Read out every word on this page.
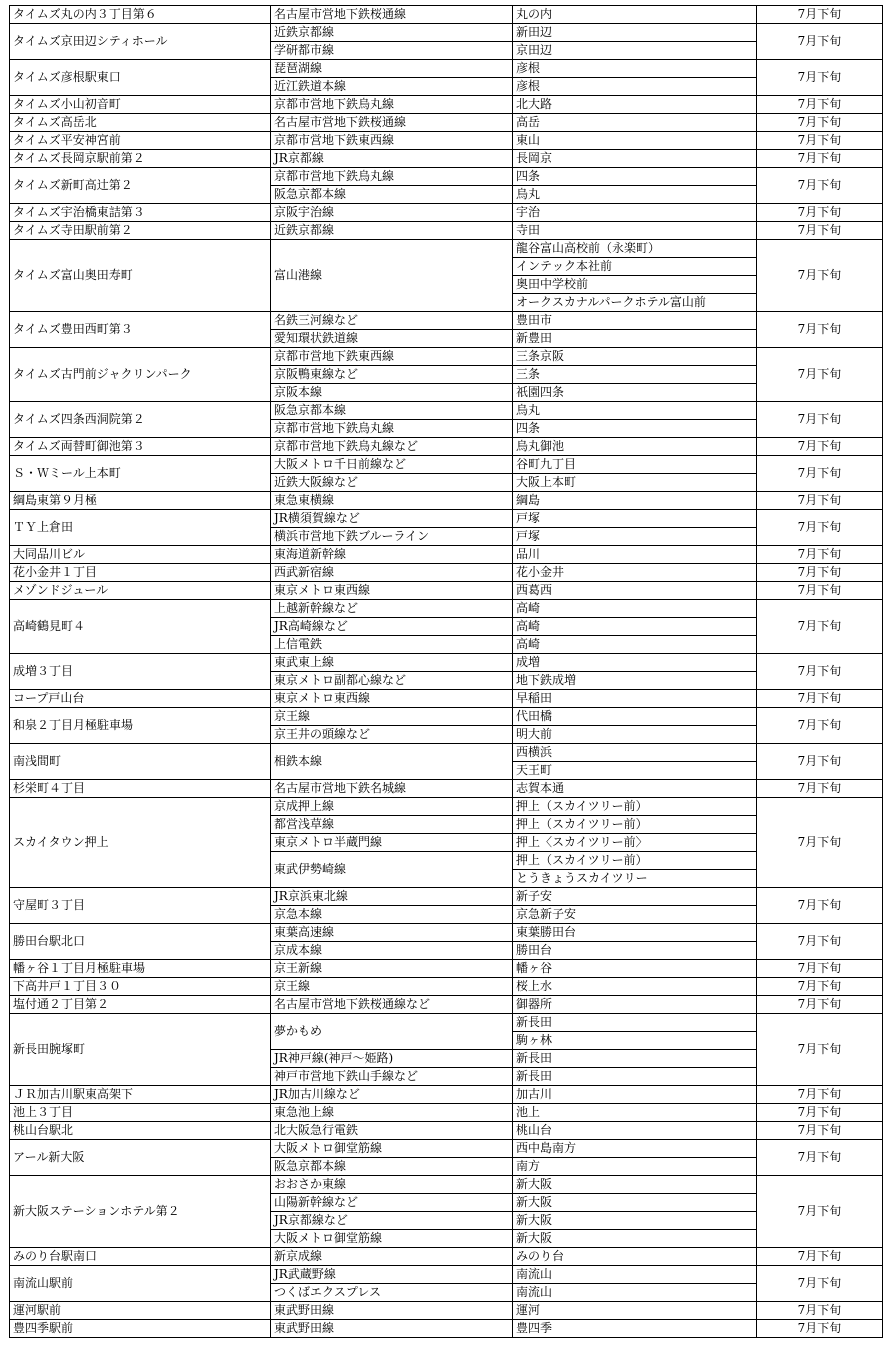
タイムズ丸の内３丁目第６	名古屋市営地下鉄桜通線	丸の内	7月下旬
タイムズ京田辺シティホール	近鉄京都線	新田辺	7月下旬
	学研都市線	京田辺	
タイムズ彦根駅東口	琵琶湖線	彦根	7月下旬
	近江鉄道本線	彦根	
タイムズ小山初音町	京都市営地下鉄烏丸線	北大路	7月下旬
タイムズ高岳北	名古屋市営地下鉄桜通線	高岳	7月下旬
タイムズ平安神宮前	京都市営地下鉄東西線	東山	7月下旬
タイムズ長岡京駅前第２	JR京都線	長岡京	7月下旬
タイムズ新町高辻第２	京都市営地下鉄烏丸線	四条	7月下旬
	阪急京都本線	烏丸	
タイムズ宇治橋東詰第３	京阪宇治線	宇治	7月下旬
タイムズ寺田駅前第２	近鉄京都線	寺田	7月下旬
タイムズ富山奥田寿町	富山港線	龍谷富山高校前（永楽町）	7月下旬
		インテック本社前	
		奥田中学校前	
		オークスカナルパークホテル富山前	
タイムズ豊田西町第３	名鉄三河線など	豊田市	7月下旬
	愛知環状鉄道線	新豊田	
タイムズ古門前ジャクリンパーク	京都市営地下鉄東西線	三条京阪	7月下旬
	京阪鴨東線など	三条	
	京阪本線	祇園四条	
タイムズ四条西洞院第２	阪急京都本線	烏丸	7月下旬
	京都市営地下鉄烏丸線	四条	
タイムズ両替町御池第３	京都市営地下鉄烏丸線など	烏丸御池	7月下旬
Ｓ・Ｗミール上本町	大阪メトロ千日前線など	谷町九丁目	7月下旬
	近鉄大阪線など	大阪上本町	
綱島東第９月極	東急東横線	綱島	7月下旬
ＴＹ上倉田	JR横須賀線など	戸塚	7月下旬
	横浜市営地下鉄ブルーライン	戸塚	
大同品川ビル	東海道新幹線	品川	7月下旬
花小金井１丁目	西武新宿線	花小金井	7月下旬
メゾンドジュール	東京メトロ東西線	西葛西	7月下旬
高崎鶴見町４	上越新幹線など	高崎	7月下旬
	JR高崎線など	高崎	
	上信電鉄	高崎	
成増３丁目	東武東上線	成増	7月下旬
	東京メトロ副都心線など	地下鉄成増	
コープ戸山台	東京メトロ東西線	早稲田	7月下旬
和泉２丁目月極駐車場	京王線	代田橋	7月下旬
	京王井の頭線など	明大前	
南浅間町	相鉄本線	西横浜	7月下旬
		天王町	
杉栄町４丁目	名古屋市営地下鉄名城線	志賀本通	7月下旬
スカイタウン押上	京成押上線	押上（スカイツリー前）	7月下旬
	都営浅草線	押上（スカイツリー前）	
	東京メトロ半蔵門線	押上〈スカイツリー前〉	
	東武伊勢崎線	押上（スカイツリー前）	
		とうきょうスカイツリー	
守屋町３丁目	JR京浜東北線	新子安	7月下旬
	京急本線	京急新子安	
勝田台駅北口	東葉高速線	東葉勝田台	7月下旬
	京成本線	勝田台	
幡ヶ谷１丁目月極駐車場	京王新線	幡ヶ谷	7月下旬
下高井戸１丁目３０	京王線	桜上水	7月下旬
塩付通２丁目第２	名古屋市営地下鉄桜通線など	御器所	7月下旬
新長田腕塚町	夢かもめ	新長田	7月下旬
		駒ヶ林	
	JR神戸線(神戸～姫路)	新長田	
	神戸市営地下鉄山手線など	新長田	
ＪＲ加古川駅東高架下	JR加古川線など	加古川	7月下旬
池上３丁目	東急池上線	池上	7月下旬
桃山台駅北	北大阪急行電鉄	桃山台	7月下旬
アール新大阪	大阪メトロ御堂筋線	西中島南方	7月下旬
	阪急京都本線	南方	
新大阪ステーションホテル第２	おおさか東線	新大阪	7月下旬
	山陽新幹線など	新大阪	
	JR京都線など	新大阪	
	大阪メトロ御堂筋線	新大阪	
みのり台駅南口	新京成線	みのり台	7月下旬
南流山駅前	JR武蔵野線	南流山	7月下旬
	つくばエクスプレス	南流山	
運河駅前	東武野田線	運河	7月下旬
豊四季駅前	東武野田線	豊四季	7月下旬
